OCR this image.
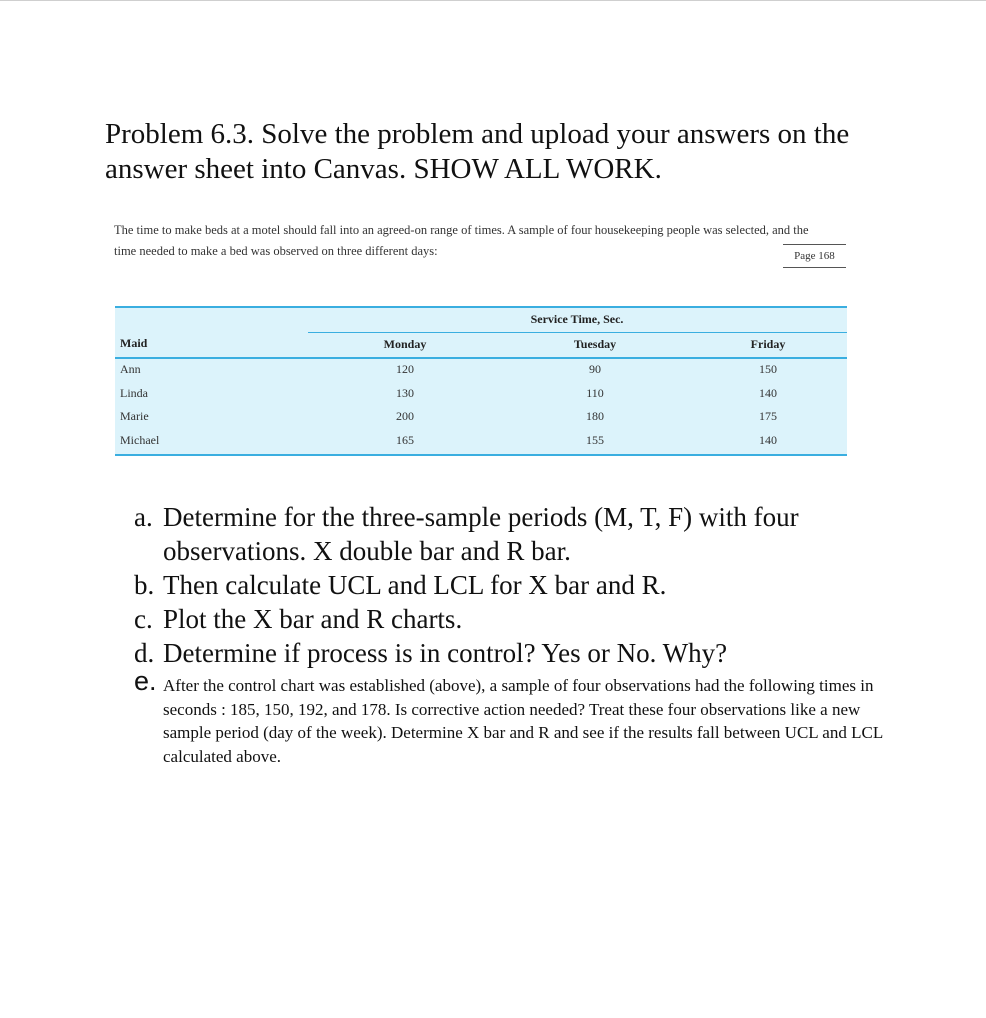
Problem 6.3. Solve the problem and upload your answers on the answer sheet into Canvas. SHOW ALL WORK.
The time to make beds at a motel should fall into an agreed-on range of times. A sample of four housekeeping people was selected, and the time needed to make a bed was observed on three different days:	Page 168
Service Time, Sec.
Maid	Monday	Tuesday	Friday
Ann	120	90	150
Linda	130	110	140
Marie	200	180	175
Michael	165	155	140
a. Determine for the three-sample periods (M, T, F) with four observations. X double bar and R bar.
b. Then calculate UCL and LCL for X bar and R.
c. Plot the X bar and R charts.
d. Determine if process is in control? Yes or No. Why?
e. After the control chart was established (above), a sample of four observations had the following times in seconds : 185, 150, 192, and 178. Is corrective action needed? Treat these four observations like a new sample period (day of the week). Determine X bar and R and see if the results fall between UCL and LCL calculated above.
